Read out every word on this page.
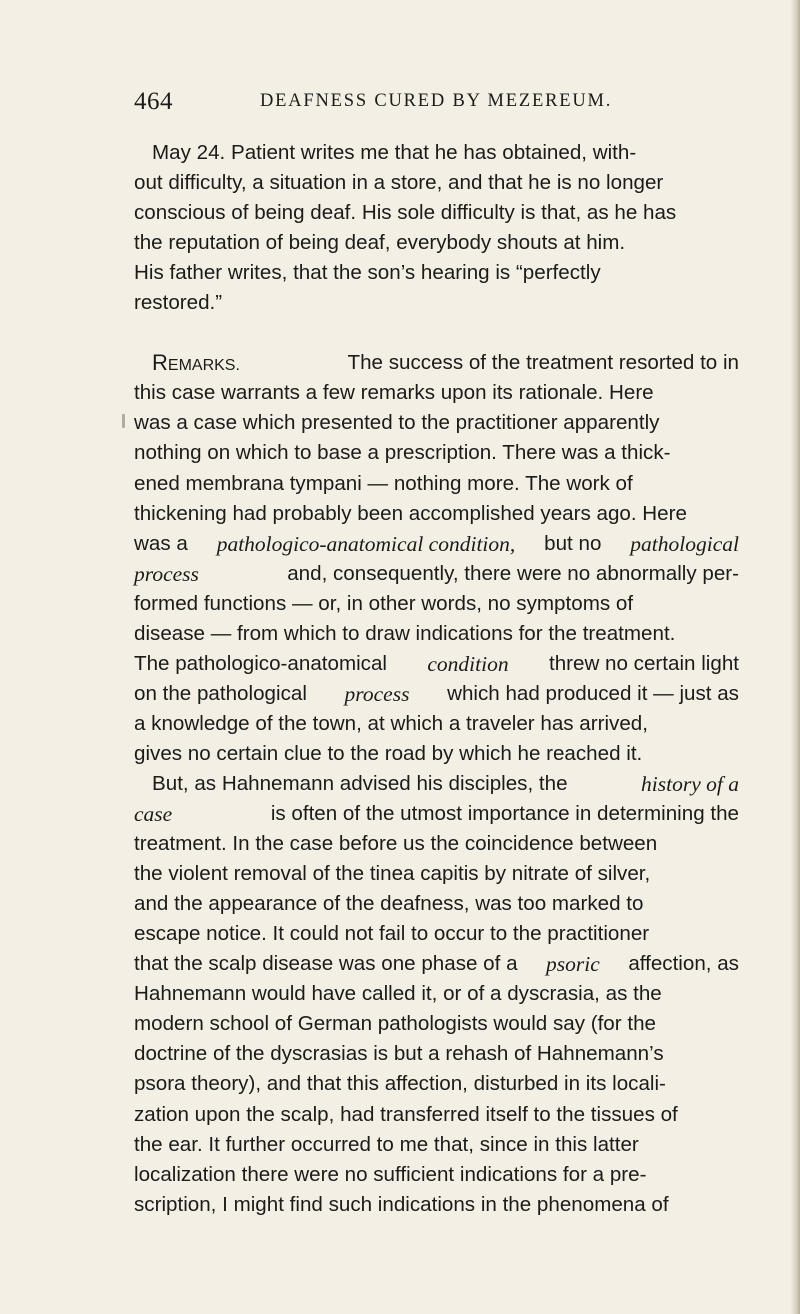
464	DEAFNESS CURED BY MEZEREUM.
May 24. Patient writes me that he has obtained, with-
out difficulty, a situation in a store, and that he is no longer
conscious of being deaf. His sole difficulty is that, as he has
the reputation of being deaf, everybody shouts at him.
His father writes, that the son’s hearing is “perfectly
restored.”
REMARKS.	The success of the treatment resorted to in
this case warrants a few remarks upon its rationale. Here
was a case which presented to the practitioner apparently
nothing on which to base a prescription. There was a thick-
ened membrana tympani — nothing more. The work of
thickening had probably been accomplished years ago. Here
was a pathologico-anatomical condition, but no pathological
process	and, consequently, there were no abnormally per-
formed functions — or, in other words, no symptoms of
disease — from which to draw indications for the treatment.
The pathologico-anatomical condition threw no certain light
on the pathological process which had produced it — just as
a knowledge of the town, at which a traveler has arrived,
gives no certain clue to the road by which he reached it.
But, as Hahnemann advised his disciples, the	history of a
case	is often of the utmost importance in determining the
treatment. In the case before us the coincidence between
the violent removal of the tinea capitis by nitrate of silver,
and the appearance of the deafness, was too marked to
escape notice. It could not fail to occur to the practitioner
that the scalp disease was one phase of a psoric affection, as
Hahnemann would have called it, or of a dyscrasia, as the
modern school of German pathologists would say (for the
doctrine of the dyscrasias is but a rehash of Hahnemann’s
psora theory), and that this affection, disturbed in its locali-
zation upon the scalp, had transferred itself to the tissues of
the ear. It further occurred to me that, since in this latter
localization there were no sufficient indications for a pre-
scription, I might find such indications in the phenomena of
